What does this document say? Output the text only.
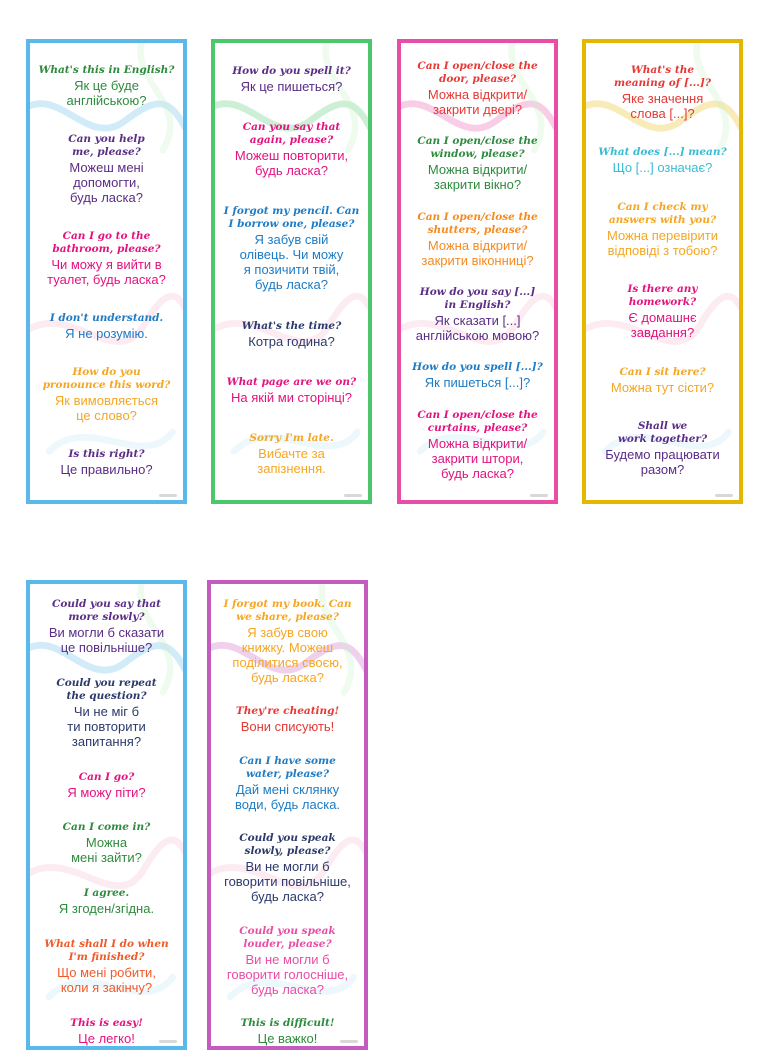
What's this in English?
Як це буде
англійською?
Can you help
me, please?
Можеш мені
допомогти,
будь ласка?
Can I go to the
bathroom, please?
Чи можу я вийти в
туалет, будь ласка?
I don't understand.
Я не розумію.
How do you
pronounce this word?
Як вимовляється
це слово?
Is this right?
Це правильно?
How do you spell it?
Як це пишеться?
Can you say that
again, please?
Можеш повторити,
будь ласка?
I forgot my pencil. Can
I borrow one, please?
Я забув свій
олівець. Чи можу
я позичити твій,
будь ласка?
What's the time?
Котра година?
What page are we on?
На якій ми сторінці?
Sorry I'm late.
Вибачте за
запізнення.
Can I open/close the
door, please?
Можна відкрити/
закрити двері?
Can I open/close the
window, please?
Можна відкрити/
закрити вікно?
Can I open/close the
shutters, please?
Можна відкрити/
закрити віконниці?
How do you say [...]
in English?
Як сказати [...]
англійською мовою?
How do you spell [...]?
Як пишеться [...]?
Can I open/close the
curtains, please?
Можна відкрити/
закрити штори,
будь ласка?
What's the
meaning of [...]?
Яке значення
слова [...]?
What does [...] mean?
Що [...] означає?
Can I check my
answers with you?
Можна перевірити
відповіді з тобою?
Is there any
homework?
Є домашнє
завдання?
Can I sit here?
Можна тут сісти?
Shall we
work together?
Будемо працювати
разом?
Could you say that
more slowly?
Ви могли б сказати
це повільніше?
Could you repeat
the question?
Чи не міг б
ти повторити
запитання?
Can I go?
Я можу піти?
Can I come in?
Можна
мені зайти?
I agree.
Я згоден/згідна.
What shall I do when
I'm finished?
Що мені робити,
коли я закінчу?
This is easy!
Це легко!
I forgot my book. Can
we share, please?
Я забув свою
книжку. Можеш
поділитися своєю,
будь ласка?
They're cheating!
Вони списують!
Can I have some
water, please?
Дай мені склянку
води, будь ласка.
Could you speak
slowly, please?
Ви не могли б
говорити повільніше,
будь ласка?
Could you speak
louder, please?
Ви не могли б
говорити голосніше,
будь ласка?
This is difficult!
Це важко!
